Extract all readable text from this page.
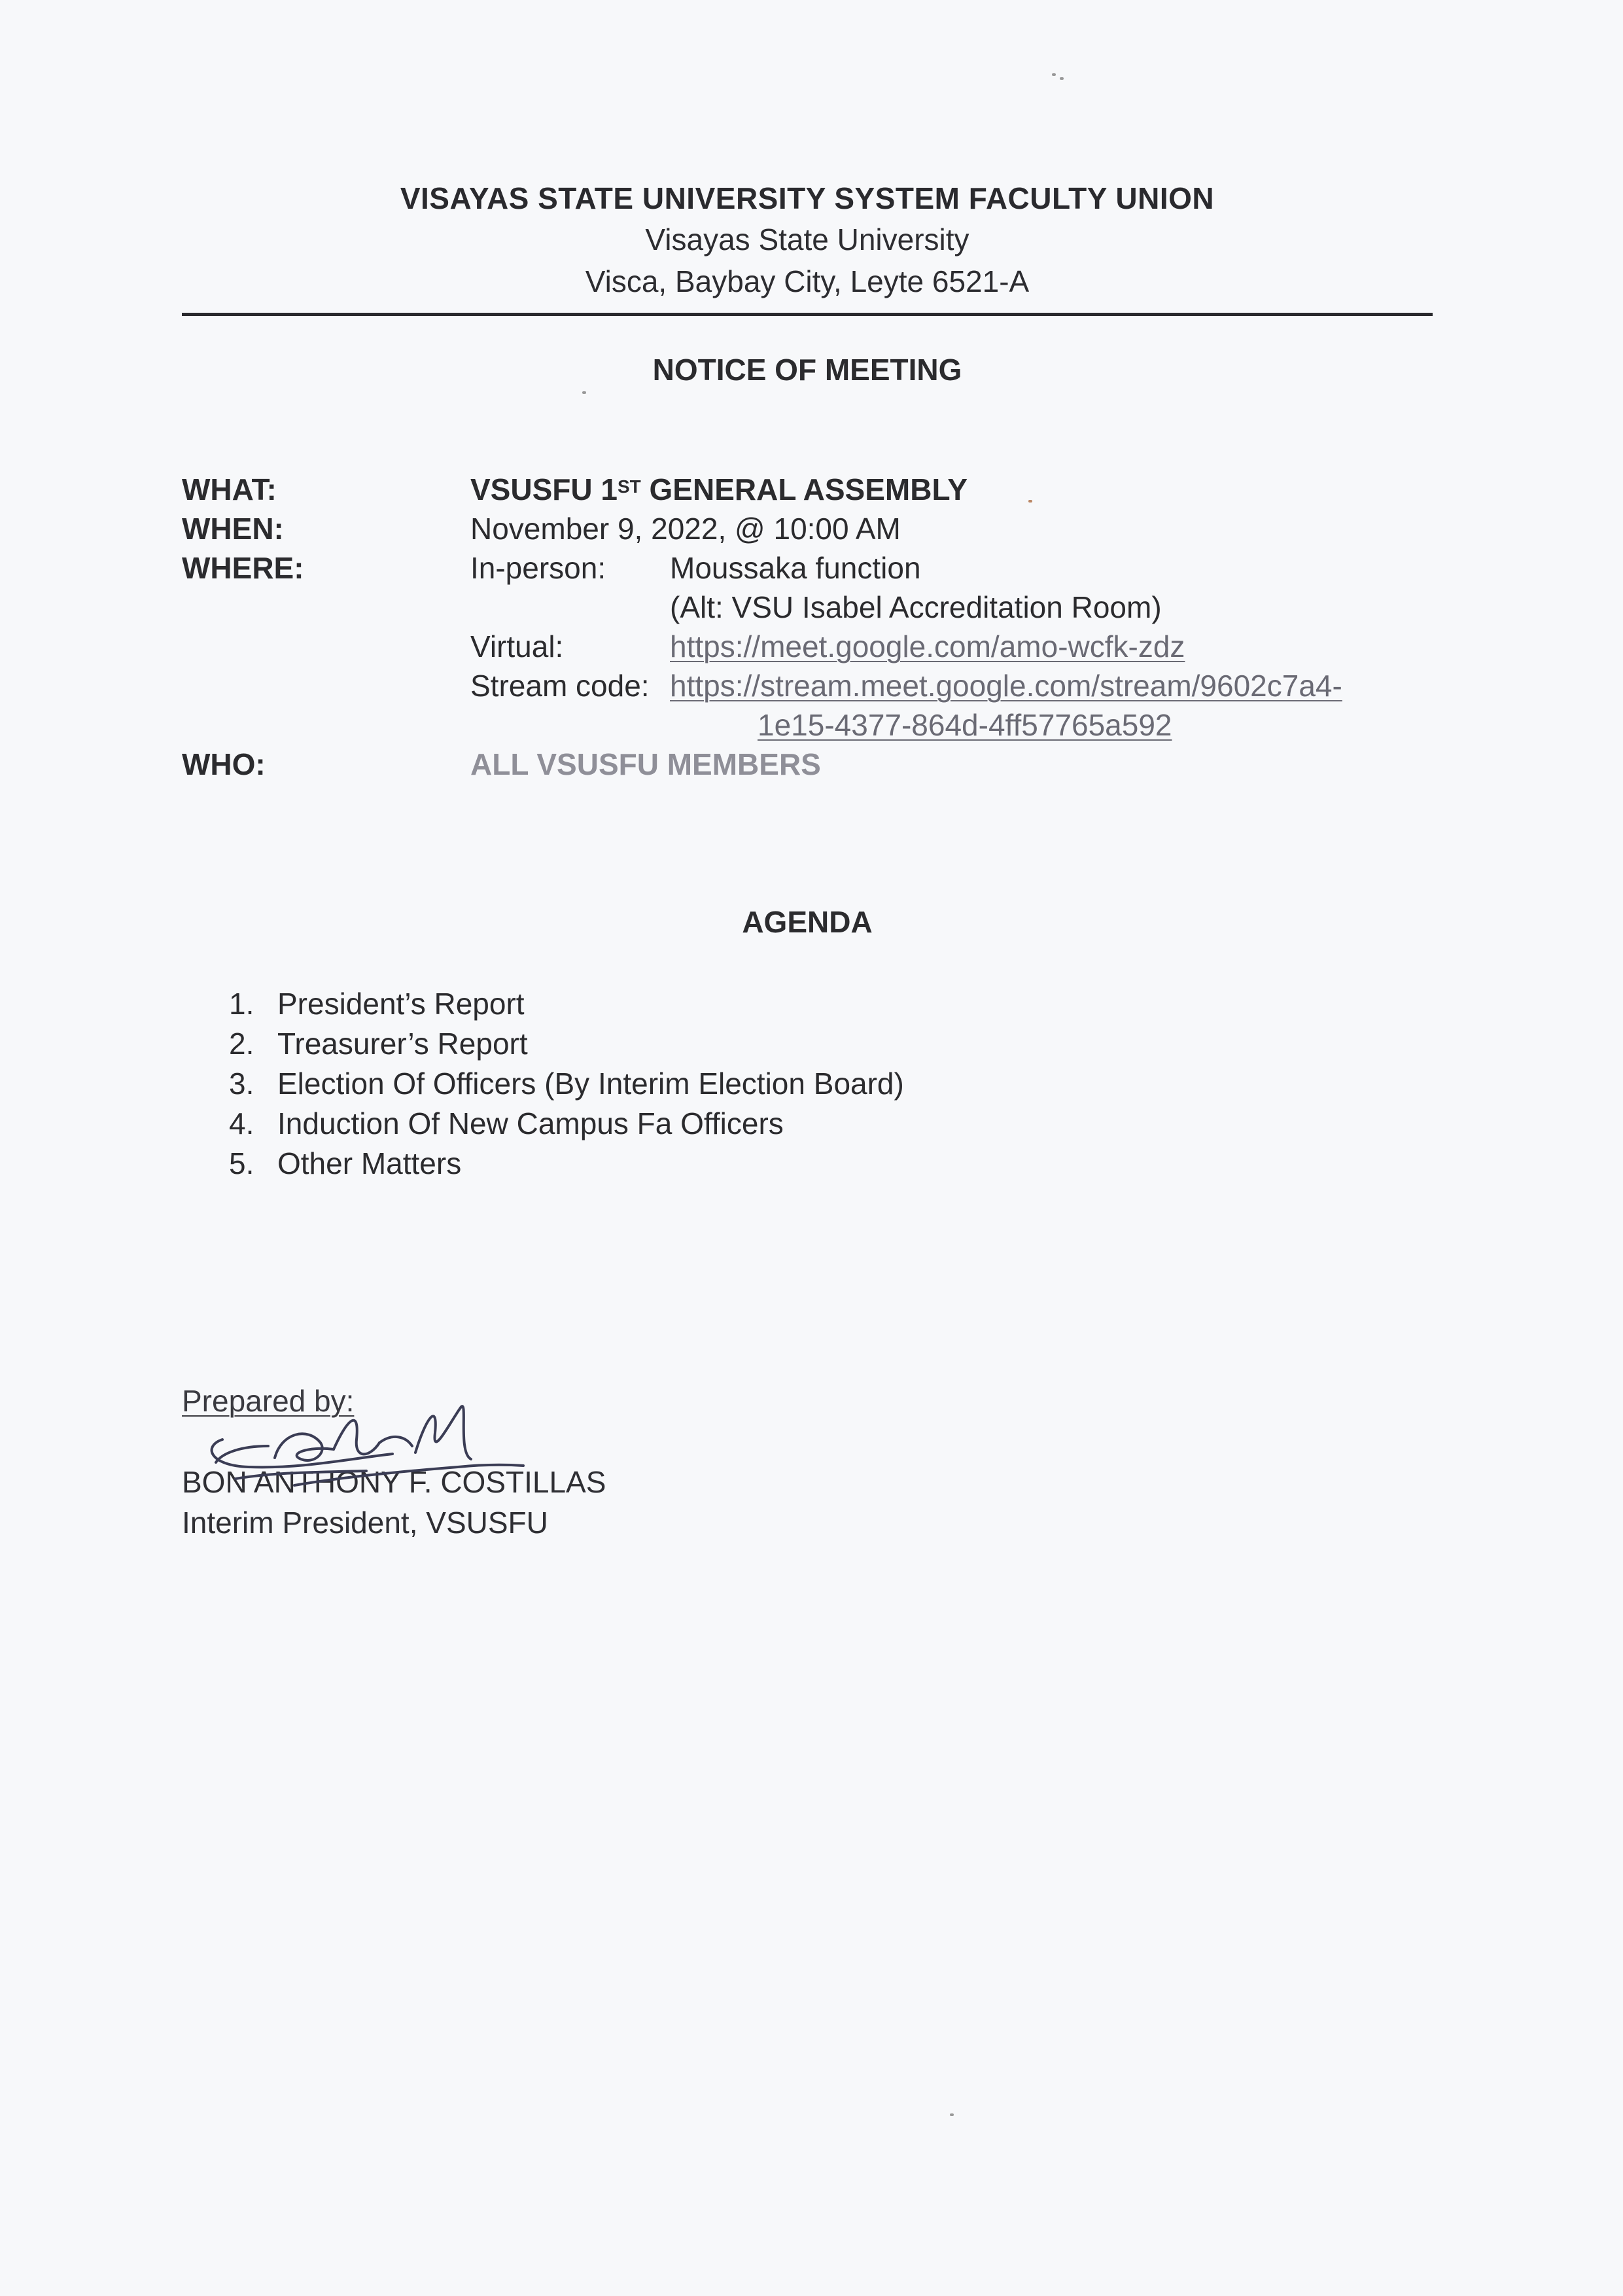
VISAYAS STATE UNIVERSITY SYSTEM FACULTY UNION
Visayas State University
Visca, Baybay City, Leyte 6521-A
NOTICE OF MEETING
WHAT:	VSUSFU 1ST GENERAL ASSEMBLY
WHEN:	November 9, 2022, @ 10:00 AM
WHERE:	In-person: Moussaka function
(Alt: VSU Isabel Accreditation Room)
Virtual:	https://meet.google.com/amo-wcfk-zdz
Stream code: https://stream.meet.google.com/stream/9602c7a4-
1e15-4377-864d-4ff57765a592
WHO:	ALL VSUSFU MEMBERS
AGENDA
1. President’s Report
2. Treasurer’s Report
3. Election Of Officers (By Interim Election Board)
4. Induction Of New Campus Fa Officers
5. Other Matters
Prepared by:
BON ANTHONY F. COSTILLAS
Interim President, VSUSFU
